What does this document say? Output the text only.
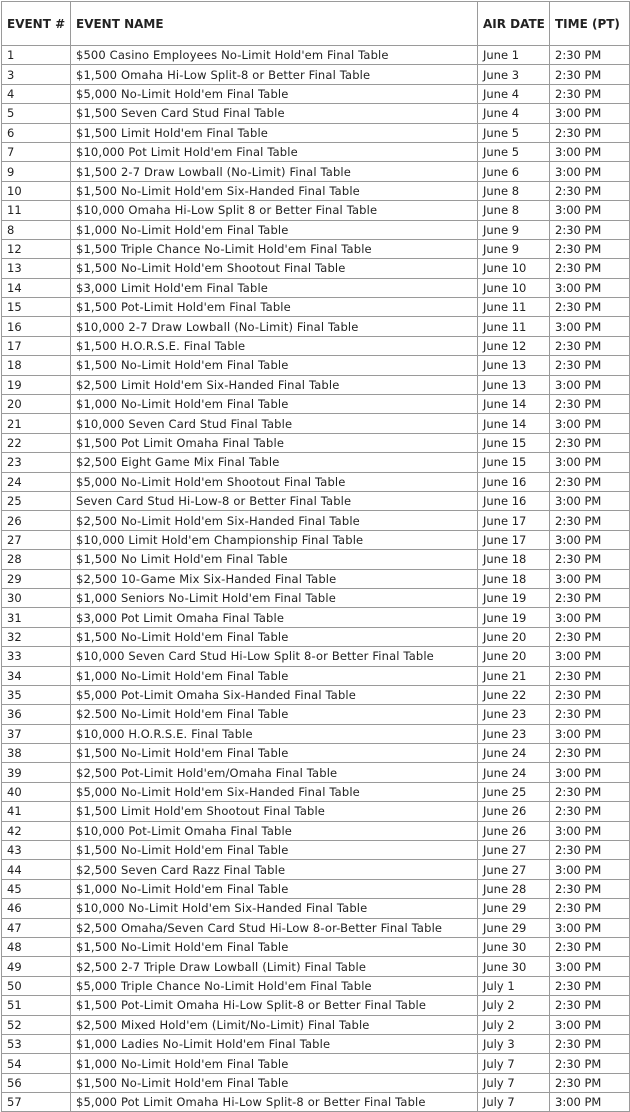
EVENT #	EVENT NAME	AIR DATE	TIME (PT)
1	$500 Casino Employees No-Limit Hold'em Final Table	June 1	2:30 PM
3	$1,500 Omaha Hi-Low Split-8 or Better Final Table	June 3	2:30 PM
4	$5,000 No-Limit Hold'em Final Table	June 4	2:30 PM
5	$1,500 Seven Card Stud Final Table	June 4	3:00 PM
6	$1,500 Limit Hold'em Final Table	June 5	2:30 PM
7	$10,000 Pot Limit Hold'em Final Table	June 5	3:00 PM
9	$1,500 2-7 Draw Lowball (No-Limit) Final Table	June 6	3:00 PM
10	$1,500 No-Limit Hold'em Six-Handed Final Table	June 8	2:30 PM
11	$10,000 Omaha Hi-Low Split 8 or Better Final Table	June 8	3:00 PM
8	$1,000 No-Limit Hold'em Final Table	June 9	2:30 PM
12	$1,500 Triple Chance No-Limit Hold'em Final Table	June 9	2:30 PM
13	$1,500 No-Limit Hold'em Shootout Final Table	June 10	2:30 PM
14	$3,000 Limit Hold'em Final Table	June 10	3:00 PM
15	$1,500 Pot-Limit Hold'em Final Table	June 11	2:30 PM
16	$10,000 2-7 Draw Lowball (No-Limit) Final Table	June 11	3:00 PM
17	$1,500 H.O.R.S.E. Final Table	June 12	2:30 PM
18	$1,500 No-Limit Hold'em Final Table	June 13	2:30 PM
19	$2,500 Limit Hold'em Six-Handed Final Table	June 13	3:00 PM
20	$1,000 No-Limit Hold'em Final Table	June 14	2:30 PM
21	$10,000 Seven Card Stud Final Table	June 14	3:00 PM
22	$1,500 Pot Limit Omaha Final Table	June 15	2:30 PM
23	$2,500 Eight Game Mix Final Table	June 15	3:00 PM
24	$5,000 No-Limit Hold'em Shootout Final Table	June 16	2:30 PM
25	Seven Card Stud Hi-Low-8 or Better Final Table	June 16	3:00 PM
26	$2,500 No-Limit Hold'em Six-Handed Final Table	June 17	2:30 PM
27	$10,000 Limit Hold'em Championship Final Table	June 17	3:00 PM
28	$1,500 No Limit Hold'em Final Table	June 18	2:30 PM
29	$2,500 10-Game Mix Six-Handed Final Table	June 18	3:00 PM
30	$1,000 Seniors No-Limit Hold'em Final Table	June 19	2:30 PM
31	$3,000 Pot Limit Omaha Final Table	June 19	3:00 PM
32	$1,500 No-Limit Hold'em Final Table	June 20	2:30 PM
33	$10,000 Seven Card Stud Hi-Low Split 8-or Better Final Table	June 20	3:00 PM
34	$1,000 No-Limit Hold'em Final Table	June 21	2:30 PM
35	$5,000 Pot-Limit Omaha Six-Handed Final Table	June 22	2:30 PM
36	$2.500 No-Limit Hold'em Final Table	June 23	2:30 PM
37	$10,000 H.O.R.S.E. Final Table	June 23	3:00 PM
38	$1,500 No-Limit Hold'em Final Table	June 24	2:30 PM
39	$2,500 Pot-Limit Hold'em/Omaha Final Table	June 24	3:00 PM
40	$5,000 No-Limit Hold'em Six-Handed Final Table	June 25	2:30 PM
41	$1,500 Limit Hold'em Shootout Final Table	June 26	2:30 PM
42	$10,000 Pot-Limit Omaha Final Table	June 26	3:00 PM
43	$1,500 No-Limit Hold'em Final Table	June 27	2:30 PM
44	$2,500 Seven Card Razz Final Table	June 27	3:00 PM
45	$1,000 No-Limit Hold'em Final Table	June 28	2:30 PM
46	$10,000 No-Limit Hold'em Six-Handed Final Table	June 29	2:30 PM
47	$2,500 Omaha/Seven Card Stud Hi-Low 8-or-Better Final Table	June 29	3:00 PM
48	$1,500 No-Limit Hold'em Final Table	June 30	2:30 PM
49	$2,500 2-7 Triple Draw Lowball (Limit) Final Table	June 30	3:00 PM
50	$5,000 Triple Chance No-Limit Hold'em Final Table	July 1	2:30 PM
51	$1,500 Pot-Limit Omaha Hi-Low Split-8 or Better Final Table	July 2	2:30 PM
52	$2,500 Mixed Hold'em (Limit/No-Limit) Final Table	July 2	3:00 PM
53	$1,000 Ladies No-Limit Hold'em Final Table	July 3	2:30 PM
54	$1,000 No-Limit Hold'em Final Table	July 7	2:30 PM
56	$1,500 No-Limit Hold'em Final Table	July 7	2:30 PM
57	$5,000 Pot Limit Omaha Hi-Low Split-8 or Better Final Table	July 7	3:00 PM
